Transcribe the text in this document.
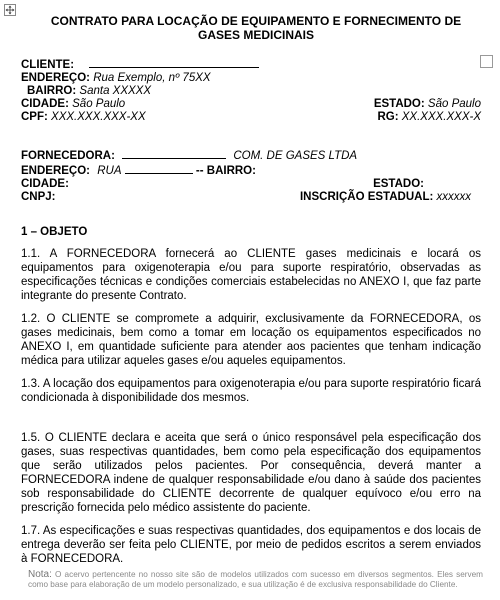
CONTRATO PARA LOCAÇÃO DE EQUIPAMENTO E FORNECIMENTO DE
GASES MEDICINAIS
CLIENTE:
ENDEREÇO: Rua Exemplo, nº 75XX
BAIRRO: Santa XXXXX
CIDADE: São Paulo	ESTADO: São Paulo
CPF: XXX.XXX.XXX-XX	RG: XX.XXX.XXX-X
FORNECEDORA:	COM. DE GASES LTDA
ENDEREÇO: RUA	-- BAIRRO:
CIDADE:	ESTADO:
CNPJ:	INSCRIÇÃO ESTADUAL: xxxxxx
1 – OBJETO

1.1. A FORNECEDORA fornecerá ao CLIENTE gases medicinais e locará os equipamentos para oxigenoterapia e/ou para suporte respiratório, observadas as especificações técnicas e condições comerciais estabelecidas no ANEXO I, que faz parte integrante do presente Contrato.

1.2. O CLIENTE se compromete a adquirir, exclusivamente da FORNECEDORA, os gases medicinais, bem como a tomar em locação os equipamentos especificados no ANEXO I, em quantidade suficiente para atender aos pacientes que tenham indicação médica para utilizar aqueles gases e/ou aqueles equipamentos.

1.3. A locação dos equipamentos para oxigenoterapia e/ou para suporte respiratório ficará condicionada à disponibilidade dos mesmos.

1.5. O CLIENTE declara e aceita que será o único responsável pela especificação dos gases, suas respectivas quantidades, bem como pela especificação dos equipamentos que serão utilizados pelos pacientes. Por consequência, deverá manter a FORNECEDORA indene de qualquer responsabilidade e/ou dano à saúde dos pacientes sob responsabilidade do CLIENTE decorrente de qualquer equívoco e/ou erro na prescrição fornecida pelo médico assistente do paciente.

1.7. As especificações e suas respectivas quantidades, dos equipamentos e dos locais de entrega deverão ser feita pelo CLIENTE, por meio de pedidos escritos a serem enviados à FORNECEDORA.

Nota: O acervo pertencente no nosso site são de modelos utilizados com sucesso em diversos segmentos. Eles servem como base para elaboração de um modelo personalizado, e sua utilização é de exclusiva responsabilidade do Cliente.
